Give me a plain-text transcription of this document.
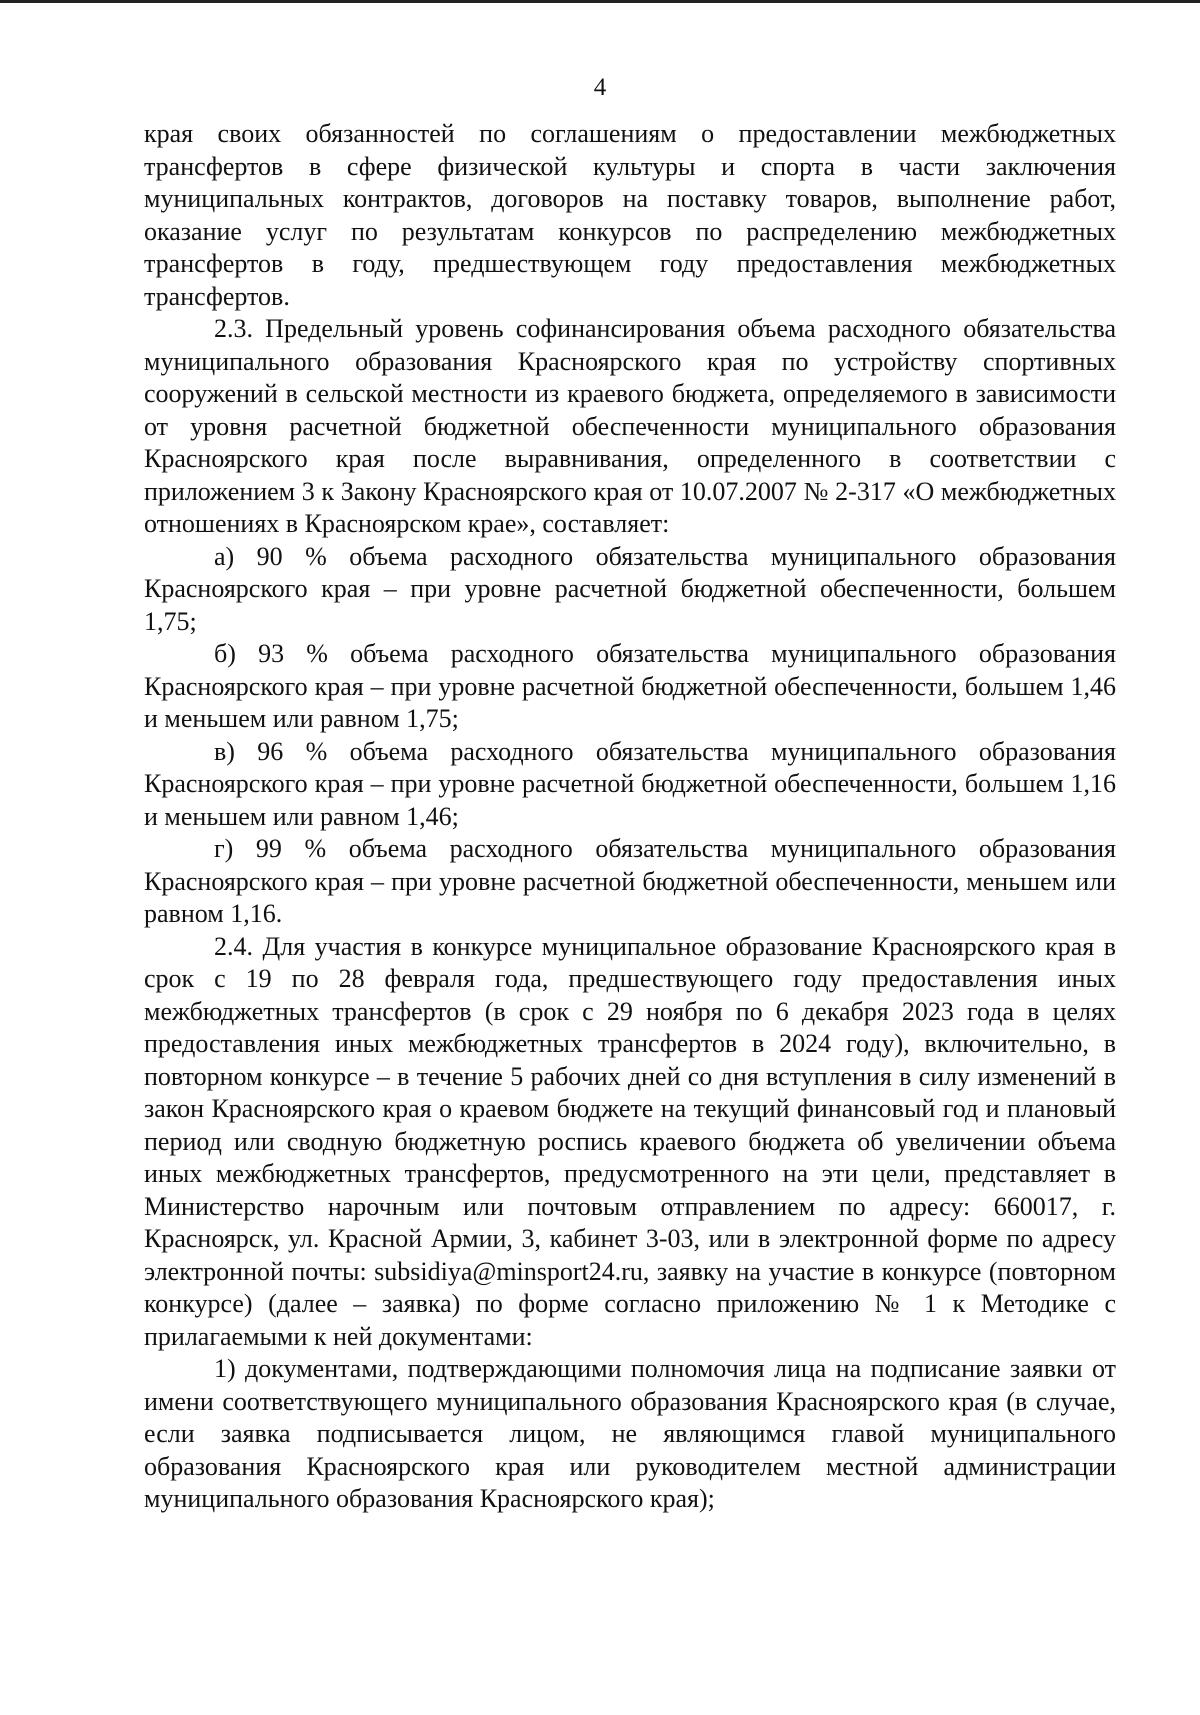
4

края своих обязанностей по соглашениям о предоставлении межбюджетных трансфертов в сфере физической культуры и спорта в части заключения муниципальных контрактов, договоров на поставку товаров, выполнение работ, оказание услуг по результатам конкурсов по распределению межбюджетных трансфертов в году, предшествующем году предоставления межбюджетных трансфертов.

2.3. Предельный уровень софинансирования объема расходного обязательства муниципального образования Красноярского края по устройству спортивных сооружений в сельской местности из краевого бюджета, определяемого в зависимости от уровня расчетной бюджетной обеспеченности муниципального образования Красноярского края после выравнивания, определенного в соответствии с приложением 3 к Закону Красноярского края от 10.07.2007 № 2-317 «О межбюджетных отношениях в Красноярском крае», составляет:

а) 90 % объема расходного обязательства муниципального образования Красноярского края – при уровне расчетной бюджетной обеспеченности, большем 1,75;

б) 93 % объема расходного обязательства муниципального образования Красноярского края – при уровне расчетной бюджетной обеспеченности, большем 1,46 и меньшем или равном 1,75;

в) 96 % объема расходного обязательства муниципального образования Красноярского края – при уровне расчетной бюджетной обеспеченности, большем 1,16 и меньшем или равном 1,46;

г) 99 % объема расходного обязательства муниципального образования Красноярского края – при уровне расчетной бюджетной обеспеченности, меньшем или равном 1,16.

2.4. Для участия в конкурсе муниципальное образование Красноярского края в срок с 19 по 28 февраля года, предшествующего году предоставления иных межбюджетных трансфертов (в срок с 29 ноября по 6 декабря 2023 года в целях предоставления иных межбюджетных трансфертов в 2024 году), включительно, в повторном конкурсе – в течение 5 рабочих дней со дня вступления в силу изменений в закон Красноярского края о краевом бюджете на текущий финансовый год и плановый период или сводную бюджетную роспись краевого бюджета об увеличении объема иных межбюджетных трансфертов, предусмотренного на эти цели, представляет в Министерство нарочным или почтовым отправлением по адресу: 660017, г. Красноярск, ул. Красной Армии, 3, кабинет 3-03, или в электронной форме по адресу электронной почты: subsidiya@minsport24.ru, заявку на участие в конкурсе (повторном конкурсе) (далее – заявка) по форме согласно приложению № 1 к Методике с прилагаемыми к ней документами:

1) документами, подтверждающими полномочия лица на подписание заявки от имени соответствующего муниципального образования Красноярского края (в случае, если заявка подписывается лицом, не являющимся главой муниципального образования Красноярского края или руководителем местной администрации муниципального образования Красноярского края);
